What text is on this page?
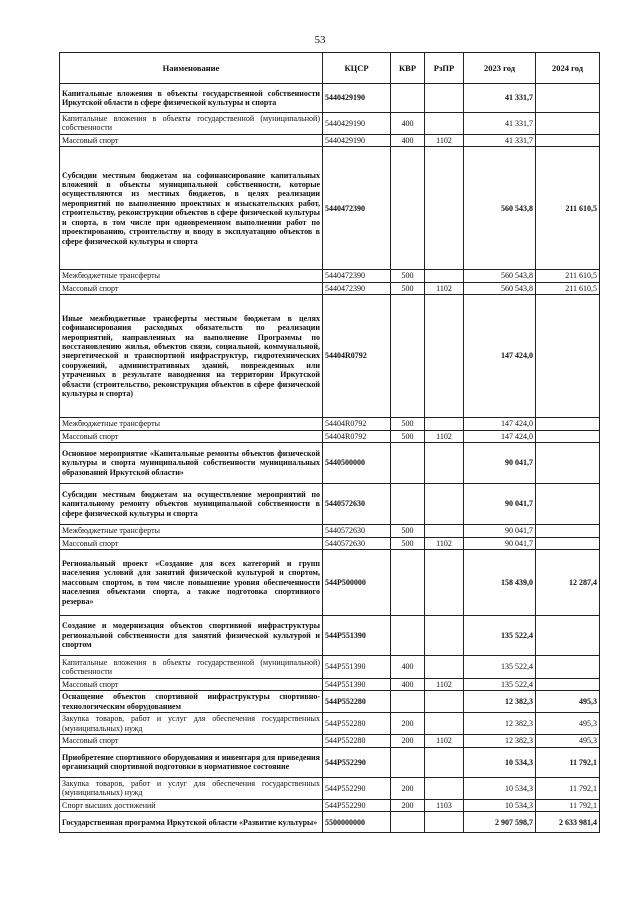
53
Наименование	КЦСР	КВР	РзПР	2023 год	2024 год
Капитальные вложения в объекты государственной собственности Иркутской области в сфере физической культуры и спорта	5440429190			41 331,7	
Капитальные вложения в объекты государственной (муниципальной) собственности	5440429190	400		41 331,7	
Массовый спорт	5440429190	400	1102	41 331,7	
Субсидии местным бюджетам на софинансирование капитальных вложений в объекты муниципальной собственности, которые осуществляются из местных бюджетов, в целях реализации мероприятий по выполнению проектных и изыскательских работ, строительству, реконструкции объектов в сфере физической культуры и спорта, в том числе при одновременном выполнении работ по проектированию, строительству и вводу в эксплуатацию объектов в сфере физической культуры и спорта	5440472390			560 543,8	211 610,5
Межбюджетные трансферты	5440472390	500		560 543,8	211 610,5
Массовый спорт	5440472390	500	1102	560 543,8	211 610,5
Иные межбюджетные трансферты местным бюджетам в целях софинансирования расходных обязательств по реализации мероприятий, направленных на выполнение Программы по восстановлению жилья, объектов связи, социальной, коммунальной, энергетической и транспортной инфраструктур, гидротехнических сооружений, административных зданий, поврежденных или утраченных в результате наводнения на территории Иркутской области (строительство, реконструкция объектов в сфере физической культуры и спорта)	54404R0792			147 424,0	
Межбюджетные трансферты	54404R0792	500		147 424,0	
Массовый спорт	54404R0792	500	1102	147 424,0	
Основное мероприятие «Капитальные ремонты объектов физической культуры и спорта муниципальной собственности муниципальных образований Иркутской области»	5440500000			90 041,7	
Субсидии местным бюджетам на осуществление мероприятий по капитальному ремонту объектов муниципальной собственности в сфере физической культуры и спорта	5440572630			90 041,7	
Межбюджетные трансферты	5440572630	500		90 041,7	
Массовый спорт	5440572630	500	1102	90 041,7	
Региональный проект «Создание для всех категорий и групп населения условий для занятий физической культурой и спортом, массовым спортом, в том числе повышение уровня обеспеченности населения объектами спорта, а также подготовка спортивного резерва»	544P500000			158 439,0	12 287,4
Создание и модернизация объектов спортивной инфраструктуры региональной собственности для занятий физической культурой и спортом	544P551390			135 522,4	
Капитальные вложения в объекты государственной (муниципальной) собственности	544P551390	400		135 522,4	
Массовый спорт	544P551390	400	1102	135 522,4	
Оснащение объектов спортивной инфраструктуры спортивно-технологическим оборудованием	544P552280			12 382,3	495,3
Закупка товаров, работ и услуг для обеспечения государственных (муниципальных) нужд	544P552280	200		12 382,3	495,3
Массовый спорт	544P552280	200	1102	12 382,3	495,3
Приобретение спортивного оборудования и инвентаря для приведения организаций спортивной подготовки в нормативное состояние	544P552290			10 534,3	11 792,1
Закупка товаров, работ и услуг для обеспечения государственных (муниципальных) нужд	544P552290	200		10 534,3	11 792,1
Спорт высших достижений	544P552290	200	1103	10 534,3	11 792,1
Государственная программа Иркутской области «Развитие культуры»	5500000000			2 907 598,7	2 633 981,4
